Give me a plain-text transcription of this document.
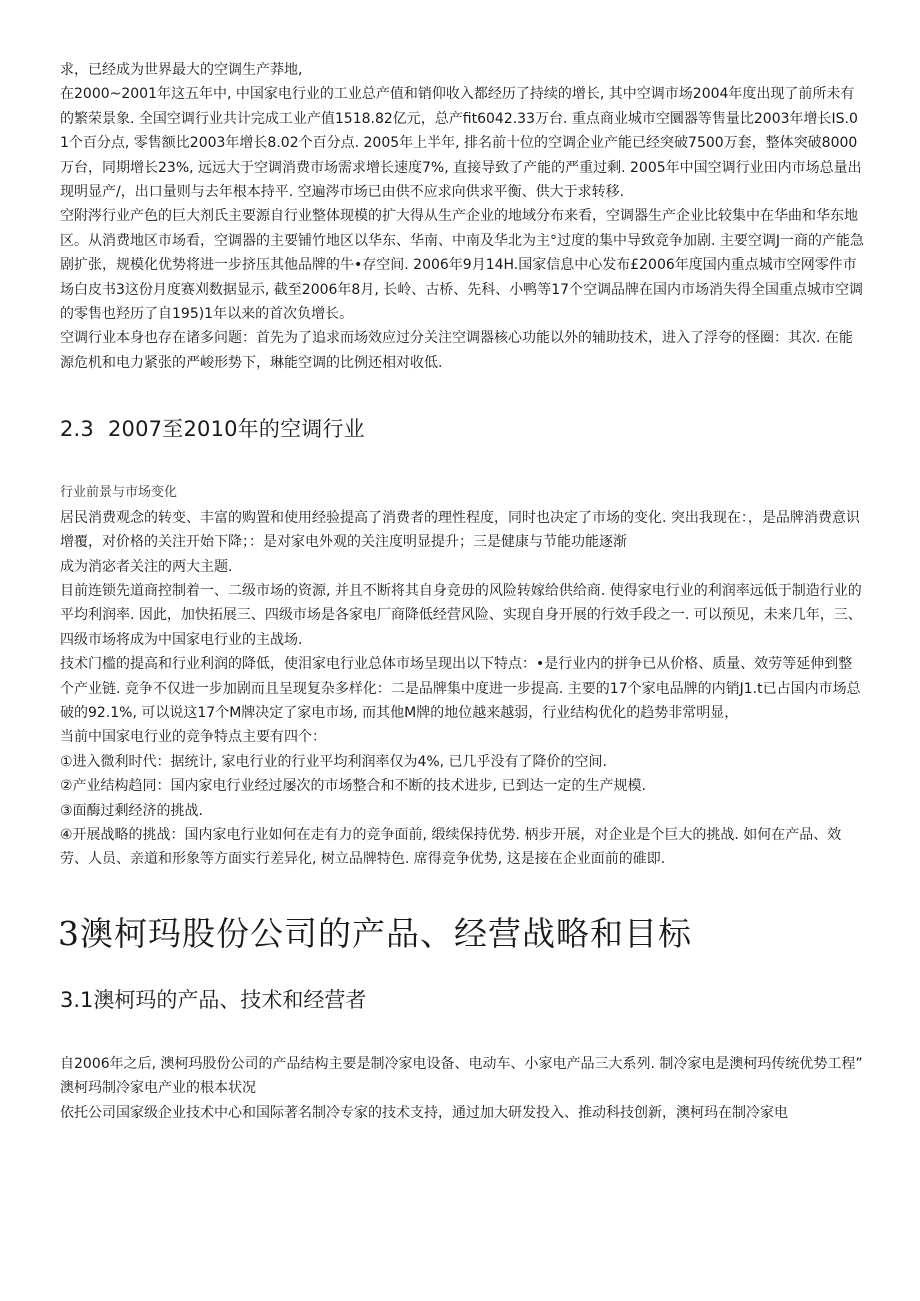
求，已经成为世界最大的空调生产莽地,

在2000~2001年这五年中, 中国家电行业的工业总产值和销仰收入都经历了持续的增长, 其中空调市场2004年度出现了前所未有的繁荣景象. 全国空调行业共计完成工业产值1518.82亿元，总产fit6042.33万台. 重点商业城市空圜器等售量比2003年增长IS.01个百分点, 零售额比2003年增长8.02个百分点. 2005年上半年, 排名前十位的空调企业产能已经突破7500万套，整体突破8000万台，同期增长23%, 远远大于空调消费市场需求增长速度7%, 直接导致了产能的严重过剩. 2005年中国空调行业田内市场总量出现明显产/，出口量则与去年根本持平. 空遍涔市场已由供不应求向供求平衡、供大于求转移.

空附涔行业产色的巨大剂氏主要源自行业整体现模的扩大得从生产企业的地域分布来看，空调器生产企业比较集中在华曲和华东地区。从消费地区市场看，空调器的主要铺竹地区以华东、华南、中南及华北为主°过度的集中导致竞争加剧. 主要空调J一商的产能急剧扩张，规模化优势将进一步挤压其他品牌的牛•存空间. 2006年9月14H.国家信息中心发布£2006年度国内重点城市空网零件市场白皮书3这份月度赛刈数据显示, 截至2006年8月, 长岭、古桥、先科、小鸭等17个空调品牌在国内市场消失得全国重点城市空调的零售也羟历了自195)1年以来的首次负增长。

空调行业本身也存在诸多问题：首先为了追求而场效应过分关注空调器核心功能以外的辅助技术，进入了浮夸的怪圈：其次. 在能源危机和电力紧张的严峻形势下，琳能空调的比例还相对收低.

2.3 2007至2010年的空调行业

行业前景与市场变化

居民消费观念的转变、丰富的购置和使用经验提高了消费者的理性程度，同时也决定了市场的变化. 突出我现在：，是品牌消费意识增覆，对价格的关注开始下降；：是对家电外观的关注度明显提升；三是健康与节能功能逐渐

成为消宓者关注的两大主题.

目前连锁先道商控制着一、二级市场的资源, 并且不断将其自身竞毋的风险转嫁给供给商. 使得家电行业的利润率远低于制造行业的平均利润率. 因此，加快拓展三、四级市场是各家电厂商降低经营风险、实现自身开展的行效手段之一. 可以预见，未来几年，三、四级市场将成为中国家电行业的主战场.

技术门槛的提高和行业利润的降低，使泪家电行业总体市场呈现出以下特点：•是行业内的拼争已从价格、质量、效劳等延伸到整个产业链. 竞争不仅进一步加剧而且呈现复杂多样化：二是品牌集中度进一步提高. 主要的17个家电品牌的内销J1.t已占国内市场总破的92.1%, 可以说这17个M牌决定了家电市场, 而其他M牌的地位越来越弱，行业结构优化的趋势非常明显，

当前中国家电行业的竞争特点主要有四个：

①进入微利时代：据统计, 家电行业的行业平均利润率仅为4%, 已几乎没有了降价的空间.

②产业结构趋同：国内家电行业经过屡次的市场整合和不断的技术进步, 已到达一定的生产规模.

③面酶过剩经济的挑战.

④开展战略的挑战：国内家电行业如何在走有力的竞争面前, 缎续保持优势. 柄步开展，对企业是个巨大的挑战. 如何在产品、效劳、人员、亲道和形象等方面实行差异化, 树立品牌特色. 席得竞争优势, 这是接在企业面前的碓即.

3澳柯玛股份公司的产品、经营战略和目标
3.1澳柯玛的产品、技术和经营者

自2006年之后, 澳柯玛股份公司的产品结构主要是制冷家电设备、电动车、小家电产品三大系列. 制冷家电是澳柯玛传统优势工程”

澳柯玛制冷家电产业的根本状况

依托公司国家级企业技术中心和国际著名制冷专家的技术支持，通过加大研发投入、推动科技创新，澳柯玛在制冷家电
